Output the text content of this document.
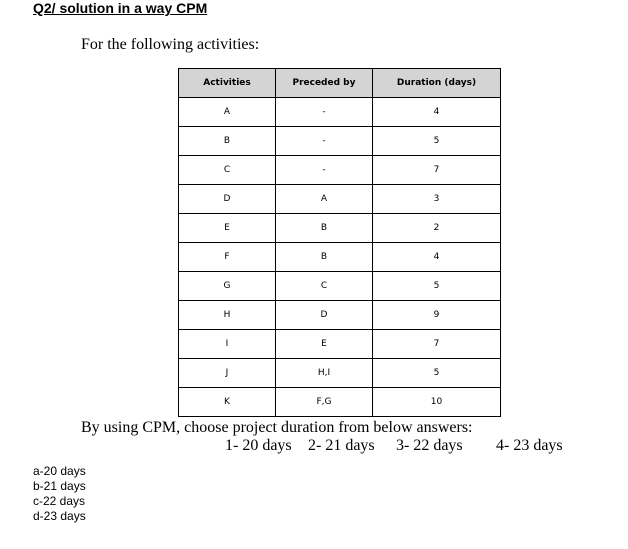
Q2/ solution in a way CPM
For the following activities:
Activities	Preceded by	Duration (days)
A	-	4
B	-	5
C	-	7
D	A	3
E	B	2
F	B	4
G	C	5
H	D	9
I	E	7
J	H,I	5
K	F,G	10
By using CPM, choose project duration from below answers:
1- 20 days 2- 21 days 3- 22 days 4- 23 days
a-20 days
b-21 days
c-22 days
d-23 days
